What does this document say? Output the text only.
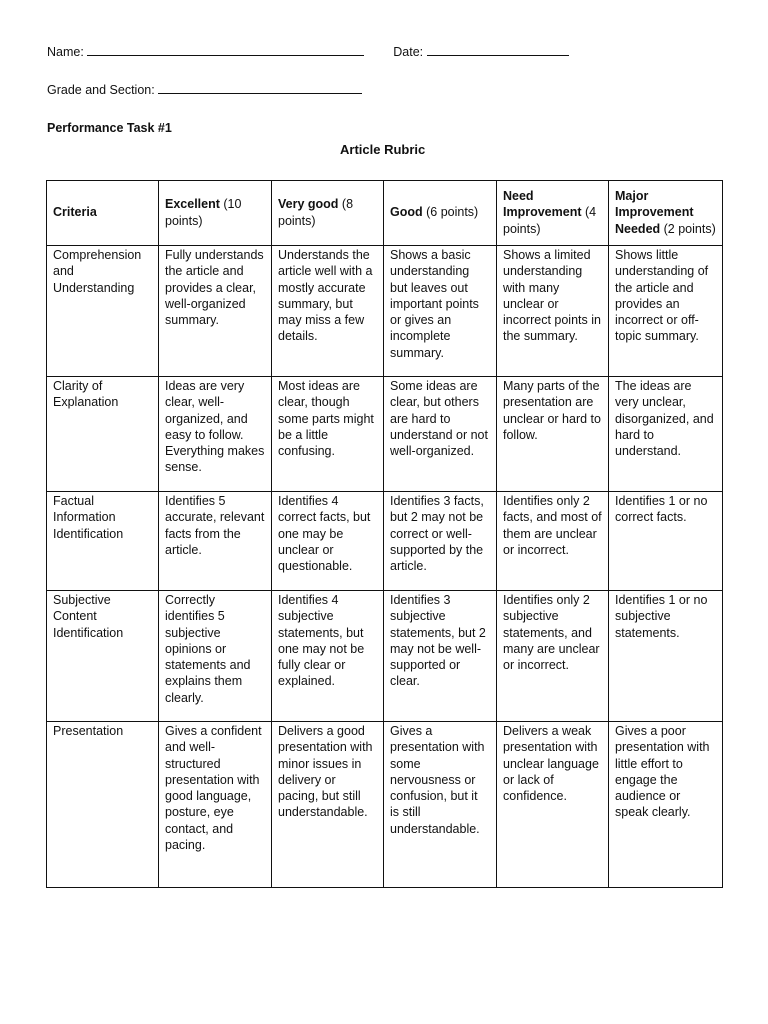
Name:	Date:
Grade and Section:
Performance Task #1
Article Rubric
Criteria	Excellent (10 points)	Very good (8 points)	Good (6 points)	Need Improvement (4 points)	Major Improvement Needed (2 points)
Comprehension and Understanding	Fully understands the article and provides a clear, well-organized summary.	Understands the article well with a mostly accurate summary, but may miss a few details.	Shows a basic understanding but leaves out important points or gives an incomplete summary.	Shows a limited understanding with many unclear or incorrect points in the summary.	Shows little understanding of the article and provides an incorrect or off-topic summary.
Clarity of Explanation	Ideas are very clear, well-organized, and easy to follow. Everything makes sense.	Most ideas are clear, though some parts might be a little confusing.	Some ideas are clear, but others are hard to understand or not well-organized.	Many parts of the presentation are unclear or hard to follow.	The ideas are very unclear, disorganized, and hard to understand.
Factual Information Identification	Identifies 5 accurate, relevant facts from the article.	Identifies 4 correct facts, but one may be unclear or questionable.	Identifies 3 facts, but 2 may not be correct or well-supported by the article.	Identifies only 2 facts, and most of them are unclear or incorrect.	Identifies 1 or no correct facts.
Subjective Content Identification	Correctly identifies 5 subjective opinions or statements and explains them clearly.	Identifies 4 subjective statements, but one may not be fully clear or explained.	Identifies 3 subjective statements, but 2 may not be well-supported or clear.	Identifies only 2 subjective statements, and many are unclear or incorrect.	Identifies 1 or no subjective statements.
Presentation	Gives a confident and well-structured presentation with good language, posture, eye contact, and pacing.	Delivers a good presentation with minor issues in delivery or pacing, but still understandable.	Gives a presentation with some nervousness or confusion, but it is still understandable.	Delivers a weak presentation with unclear language or lack of confidence.	Gives a poor presentation with little effort to engage the audience or speak clearly.
